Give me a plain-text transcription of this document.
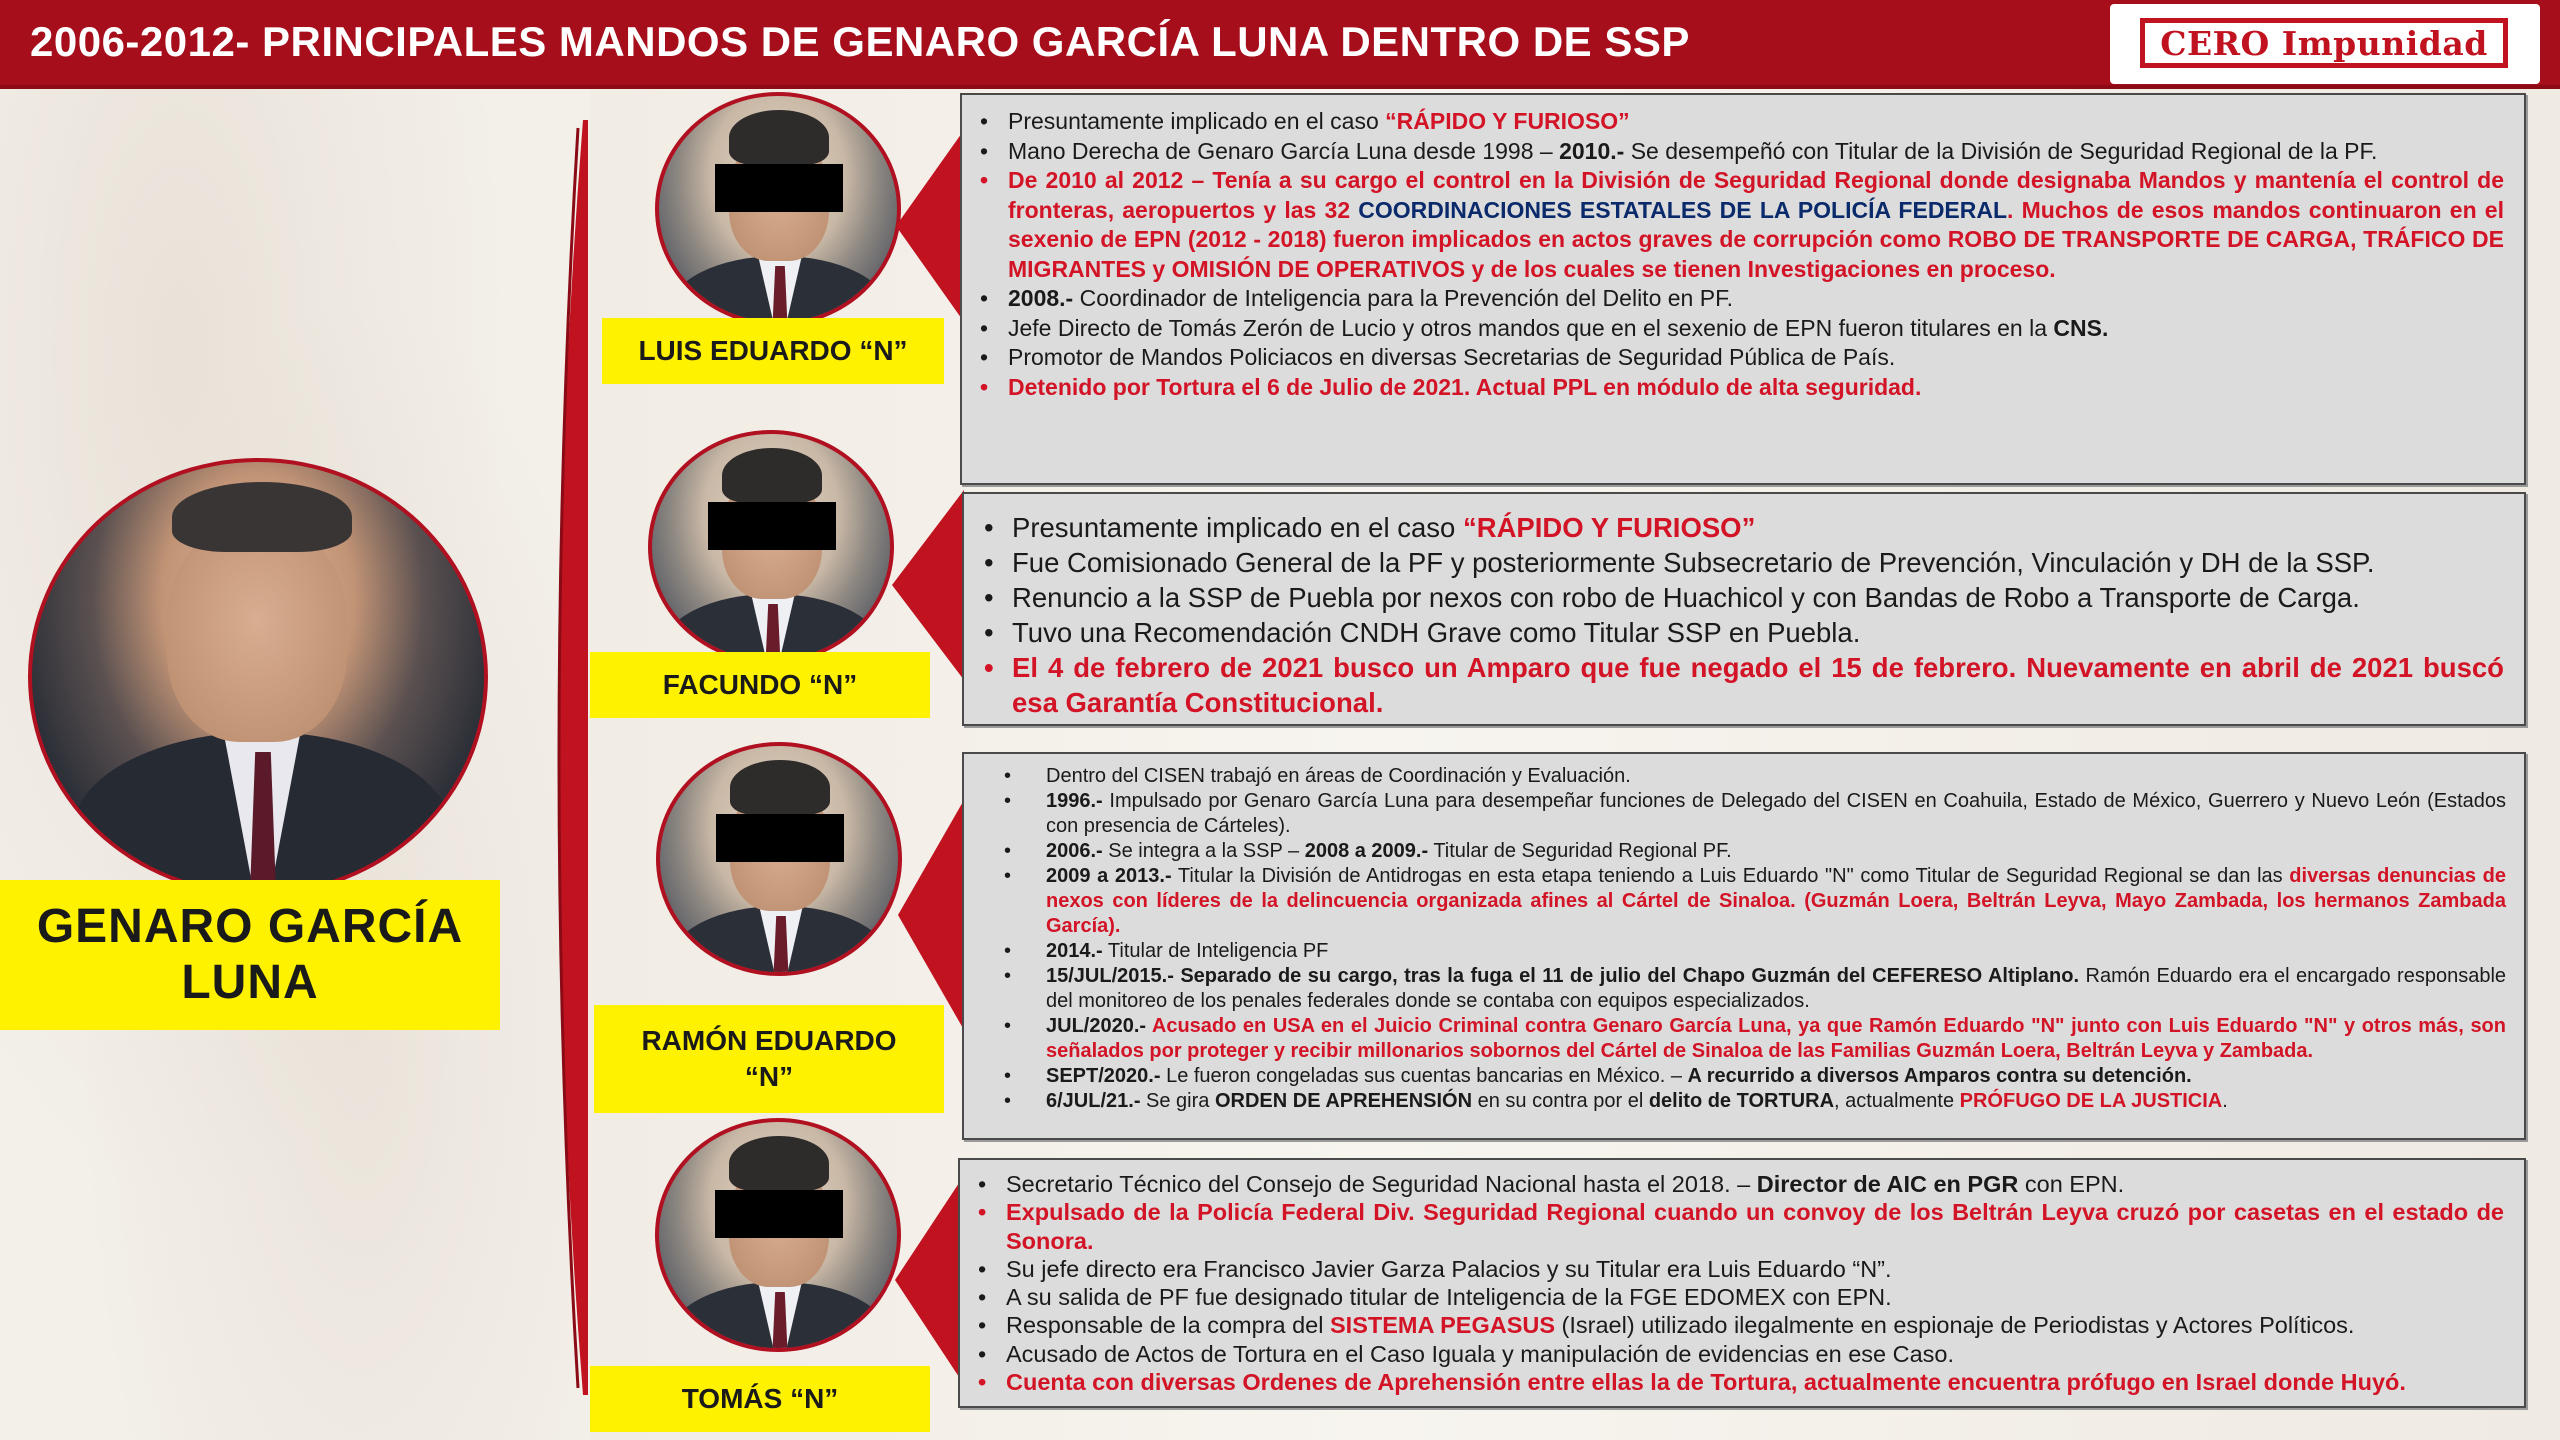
2006-2012- PRINCIPALES MANDOS DE GENARO GARCÍA LUNA DENTRO DE SSP	CERO Impunidad
GENARO GARCÍA
LUNA
LUIS EDUARDO “N”
• Presuntamente implicado en el caso “RÁPIDO Y FURIOSO”
• Mano Derecha de Genaro García Luna desde 1998 – 2010.- Se desempeñó con Titular de la División de Seguridad Regional de la PF.
• De 2010 al 2012 – Tenía a su cargo el control en la División de Seguridad Regional donde designaba Mandos y mantenía el control de fronteras, aeropuertos y las 32 COORDINACIONES ESTATALES DE LA POLICÍA FEDERAL. Muchos de esos mandos continuaron en el sexenio de EPN (2012 - 2018) fueron implicados en actos graves de corrupción como ROBO DE TRANSPORTE DE CARGA, TRÁFICO DE MIGRANTES y OMISIÓN DE OPERATIVOS y de los cuales se tienen Investigaciones en proceso.
• 2008.- Coordinador de Inteligencia para la Prevención del Delito en PF.
• Jefe Directo de Tomás Zerón de Lucio y otros mandos que en el sexenio de EPN fueron titulares en la CNS.
• Promotor de Mandos Policiacos en diversas Secretarias de Seguridad Pública de País.
• Detenido por Tortura el 6 de Julio de 2021. Actual PPL en módulo de alta seguridad.
FACUNDO “N”
• Presuntamente implicado en el caso “RÁPIDO Y FURIOSO”
• Fue Comisionado General de la PF y posteriormente Subsecretario de Prevención, Vinculación y DH de la SSP.
• Renuncio a la SSP de Puebla por nexos con robo de Huachicol y con Bandas de Robo a Transporte de Carga.
• Tuvo una Recomendación CNDH Grave como Titular SSP en Puebla.
• El 4 de febrero de 2021 busco un Amparo que fue negado el 15 de febrero. Nuevamente en abril de 2021 buscó esa Garantía Constitucional.
RAMÓN EDUARDO
“N”
• Dentro del CISEN trabajó en áreas de Coordinación y Evaluación.
• 1996.- Impulsado por Genaro García Luna para desempeñar funciones de Delegado del CISEN en Coahuila, Estado de México, Guerrero y Nuevo León (Estados con presencia de Cárteles).
• 2006.- Se integra a la SSP – 2008 a 2009.- Titular de Seguridad Regional PF.
• 2009 a 2013.- Titular la División de Antidrogas en esta etapa teniendo a Luis Eduardo "N" como Titular de Seguridad Regional se dan las diversas denuncias de nexos con líderes de la delincuencia organizada afines al Cártel de Sinaloa. (Guzmán Loera, Beltrán Leyva, Mayo Zambada, los hermanos Zambada García).
• 2014.- Titular de Inteligencia PF
• 15/JUL/2015.- Separado de su cargo, tras la fuga el 11 de julio del Chapo Guzmán del CEFERESO Altiplano. Ramón Eduardo era el encargado responsable del monitoreo de los penales federales donde se contaba con equipos especializados.
• JUL/2020.- Acusado en USA en el Juicio Criminal contra Genaro García Luna, ya que Ramón Eduardo "N" junto con Luis Eduardo "N" y otros más, son señalados por proteger y recibir millonarios sobornos del Cártel de Sinaloa de las Familias Guzmán Loera, Beltrán Leyva y Zambada.
• SEPT/2020.- Le fueron congeladas sus cuentas bancarias en México. – A recurrido a diversos Amparos contra su detención.
• 6/JUL/21.- Se gira ORDEN DE APREHENSIÓN en su contra por el delito de TORTURA, actualmente PRÓFUGO DE LA JUSTICIA.
TOMÁS “N”
• Secretario Técnico del Consejo de Seguridad Nacional hasta el 2018. – Director de AIC en PGR con EPN.
• Expulsado de la Policía Federal Div. Seguridad Regional cuando un convoy de los Beltrán Leyva cruzó por casetas en el estado de Sonora.
• Su jefe directo era Francisco Javier Garza Palacios y su Titular era Luis Eduardo “N”.
• A su salida de PF fue designado titular de Inteligencia de la FGE EDOMEX con EPN.
• Responsable de la compra del SISTEMA PEGASUS (Israel) utilizado ilegalmente en espionaje de Periodistas y Actores Políticos.
• Acusado de Actos de Tortura en el Caso Iguala y manipulación de evidencias en ese Caso.
• Cuenta con diversas Ordenes de Aprehensión entre ellas la de Tortura, actualmente encuentra prófugo en Israel donde Huyó.
